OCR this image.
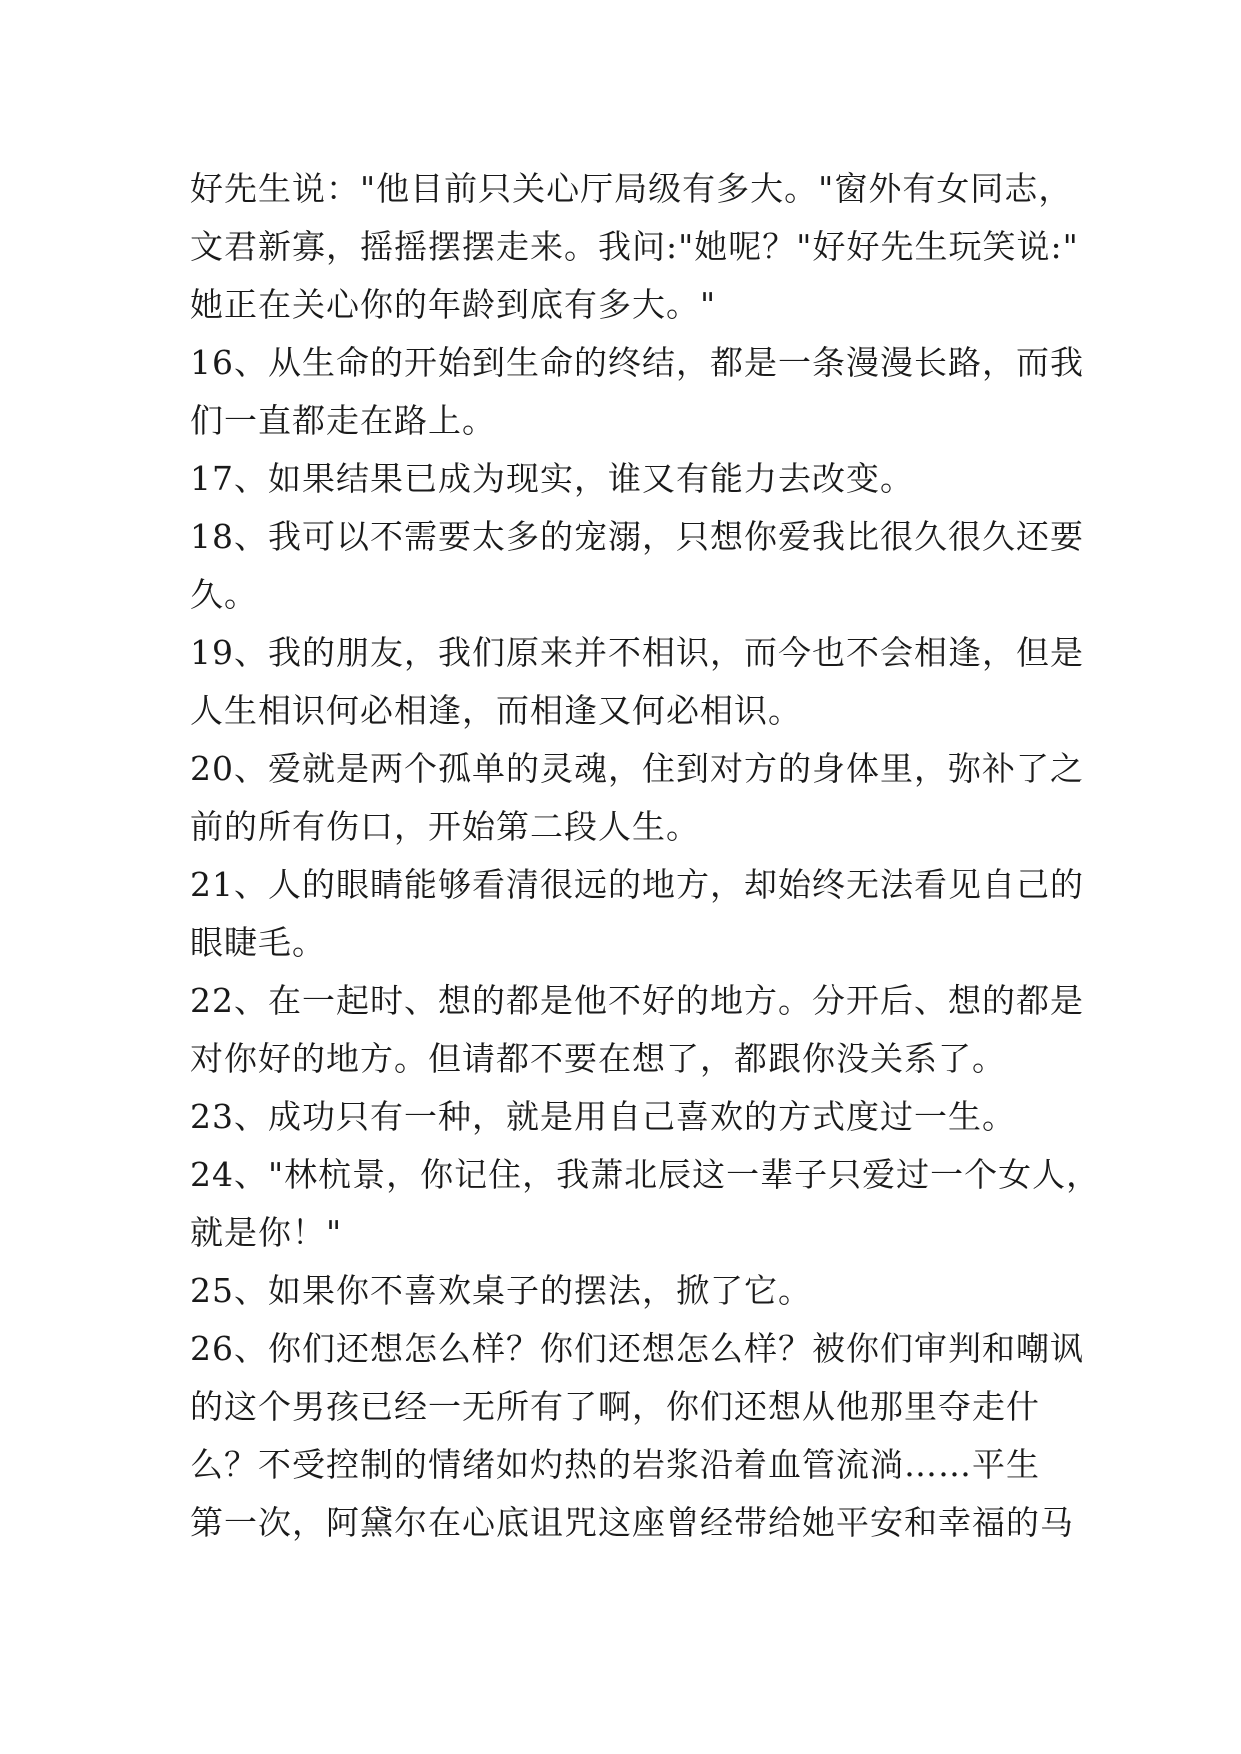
好先生说："他目前只关心厅局级有多大。"窗外有女同志，
文君新寡，摇摇摆摆走来。我问:"她呢？"好好先生玩笑说:"
她正在关心你的年龄到底有多大。"
16、从生命的开始到生命的终结，都是一条漫漫长路，而我
们一直都走在路上。
17、如果结果已成为现实，谁又有能力去改变。
18、我可以不需要太多的宠溺，只想你爱我比很久很久还要
久。
19、我的朋友，我们原来并不相识，而今也不会相逢，但是
人生相识何必相逢，而相逢又何必相识。
20、爱就是两个孤单的灵魂，住到对方的身体里，弥补了之
前的所有伤口，开始第二段人生。
21、人的眼睛能够看清很远的地方，却始终无法看见自己的
眼睫毛。
22、在一起时、想的都是他不好的地方。分开后、想的都是
对你好的地方。但请都不要在想了，都跟你没关系了。
23、成功只有一种，就是用自己喜欢的方式度过一生。
24、"林杭景，你记住，我萧北辰这一辈子只爱过一个女人，
就是你！"
25、如果你不喜欢桌子的摆法，掀了它。
26、你们还想怎么样？你们还想怎么样？被你们审判和嘲讽
的这个男孩已经一无所有了啊，你们还想从他那里夺走什
么？不受控制的情绪如灼热的岩浆沿着血管流淌……平生
第一次，阿黛尔在心底诅咒这座曾经带给她平安和幸福的马
